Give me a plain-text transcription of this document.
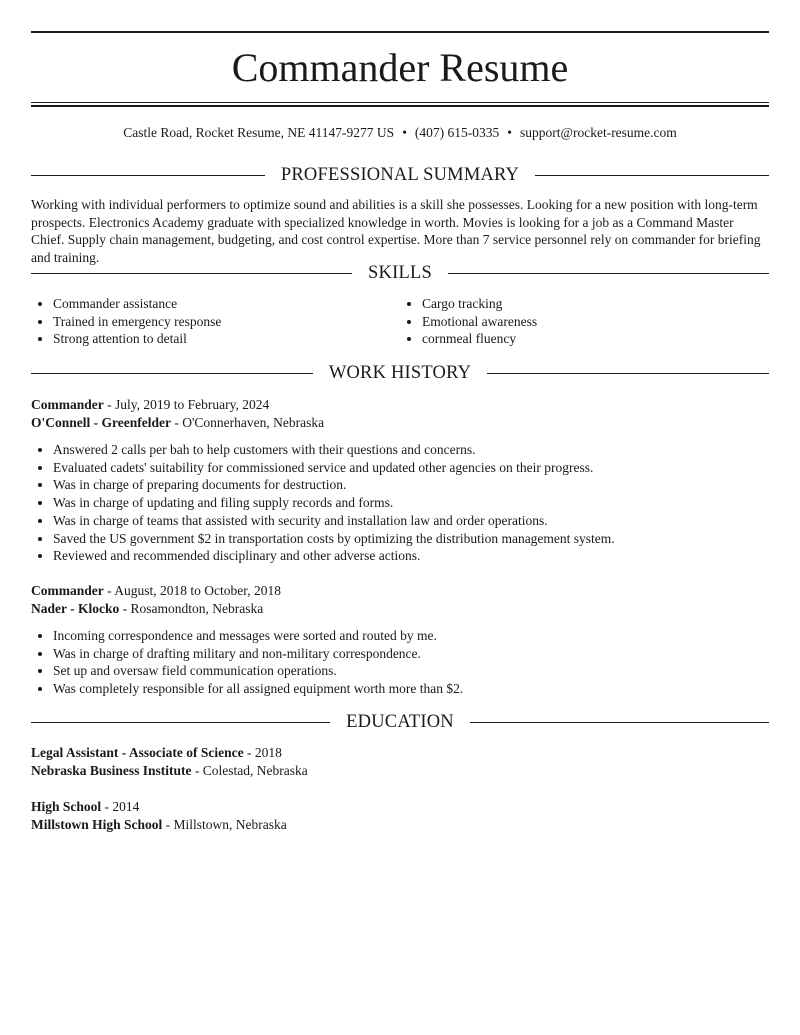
Commander Resume
Castle Road, Rocket Resume, NE 41147-9277 US • (407) 615-0335 • support@rocket-resume.com
PROFESSIONAL SUMMARY
Working with individual performers to optimize sound and abilities is a skill she possesses. Looking for a new position with long-term prospects. Electronics Academy graduate with specialized knowledge in worth. Movies is looking for a job as a Command Master Chief. Supply chain management, budgeting, and cost control expertise. More than 7 service personnel rely on commander for briefing and training.
SKILLS
• Commander assistance
• Trained in emergency response
• Strong attention to detail
• Cargo tracking
• Emotional awareness
• cornmeal fluency
WORK HISTORY
Commander - July, 2019 to February, 2024
O'Connell - Greenfelder - O'Connerhaven, Nebraska
• Answered 2 calls per bah to help customers with their questions and concerns.
• Evaluated cadets' suitability for commissioned service and updated other agencies on their progress.
• Was in charge of preparing documents for destruction.
• Was in charge of updating and filing supply records and forms.
• Was in charge of teams that assisted with security and installation law and order operations.
• Saved the US government $2 in transportation costs by optimizing the distribution management system.
• Reviewed and recommended disciplinary and other adverse actions.
Commander - August, 2018 to October, 2018
Nader - Klocko - Rosamondton, Nebraska
• Incoming correspondence and messages were sorted and routed by me.
• Was in charge of drafting military and non-military correspondence.
• Set up and oversaw field communication operations.
• Was completely responsible for all assigned equipment worth more than $2.
EDUCATION
Legal Assistant - Associate of Science - 2018
Nebraska Business Institute - Colestad, Nebraska
High School - 2014
Millstown High School - Millstown, Nebraska
